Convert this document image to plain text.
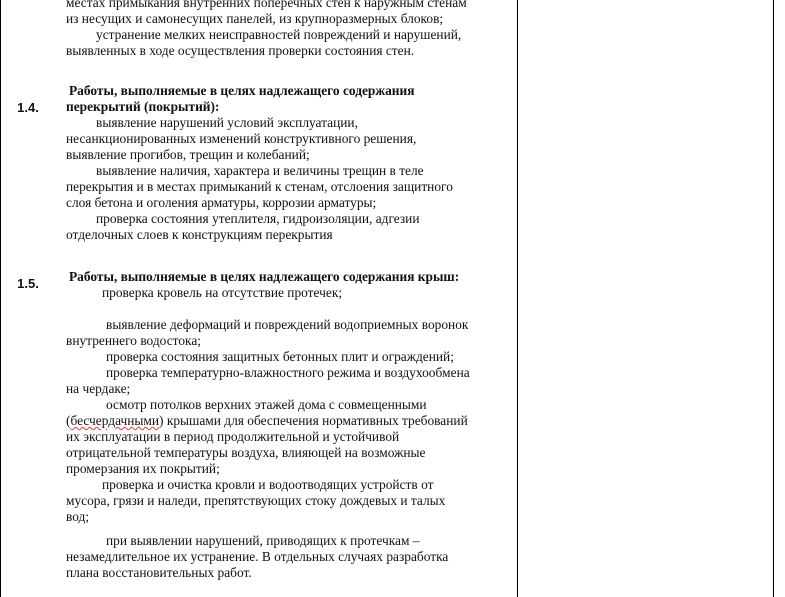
местах примыкания внутренних поперечных стен к наружным стенам
из несущих и самонесущих панелей, из крупноразмерных блоков;
устранение мелких неисправностей повреждений и нарушений,
выявленных в ходе осуществления проверки состояния стен.
1.4.
Работы, выполняемые в целях надлежащего содержания
перекрытий (покрытий):
выявление нарушений условий эксплуатации,
несанкционированных изменений конструктивного решения,
выявление прогибов, трещин и колебаний;
выявление наличия, характера и величины трещин в теле
перекрытия и в местах примыканий к стенам, отслоения защитного
слоя бетона и оголения арматуры, коррозии арматуры;
проверка состояния утеплителя, гидроизоляции, адгезии
отделочных слоев к конструкциям перекрытия
1.5.	Работы, выполняемые в целях надлежащего содержания крыш:
проверка кровель на отсутствие протечек;
выявление деформаций и повреждений водоприемных воронок
внутреннего водостока;
проверка состояния защитных бетонных плит и ограждений;
проверка температурно-влажностного режима и воздухообмена
на чердаке;
осмотр потолков верхних этажей дома с совмещенными
(бесчердачными) крышами для обеспечения нормативных требований
их эксплуатации в период продолжительной и устойчивой
отрицательной температуры воздуха, влияющей на возможные
промерзания их покрытий;
проверка и очистка кровли и водоотводящих устройств от
мусора, грязи и наледи, препятствующих стоку дождевых и талых
вод;
при выявлении нарушений, приводящих к протечкам –
незамедлительное их устранение. В отдельных случаях разработка
плана восстановительных работ.
